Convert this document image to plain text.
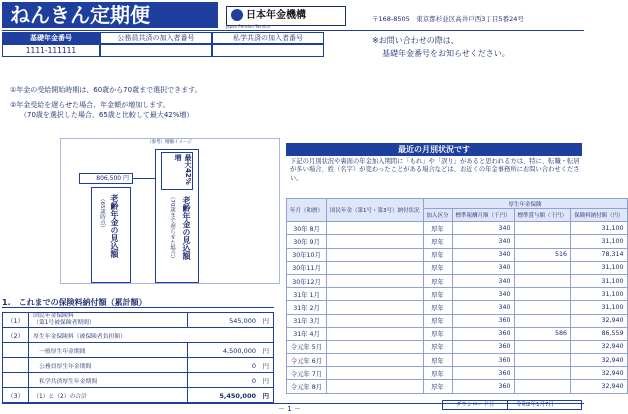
ねんきん定期便	日本年金機構
Japan Pension Service
〒168-8505　東京都杉並区高井戸西3丁目5番24号
基礎年金番号
1111-111111
公務員共済の加入者番号	私学共済の加入者番号	※お問い合わせの際は、
基礎年金番号をお知らせください。
①年金の受給開始時期は、60歳から70歳まで選択できます。
②年金受給を遅らせた場合、年金額が増加します。
（70歳を選択した場合、65歳と比較して最大42%増）
（参考）増額イメージ
806,500 円
老齢年金の見込額
（65歳時点）
最大42%増
老齢年金の見込額
（70歳まで遅らせた場合）
1.　これまでの保険料納付額（累計額）
（1）	国民年金保険料
（第1号被保険者期間）	545,000　 円
（2）	厚生年金保険料（被保険者負担額）	
	一般厚生年金期間	4,500,000　 円
	公務員厚生年金期間	0　 円
	私学共済厚生年金期間	0　 円
（3）	（1）と（2）の合計	5,450,000　 円
最近の月別状況です
下記の月別状況や裏面の年金加入期間に「もれ」や「誤り」があると思われる方は、特に、転職・転居が多い場合、姓（名字）が変わったことがある場合などは、お近くの年金事務所にお問い合わせください。
年月（和暦）	国民年金（第1号・第3号）納付状況	厚生年金保険			
		加入区分	標準報酬月額（千円）	標準賞与額（千円）	保険料納付額（円）
30年 8月		厚年	340		31,100
30年 9月		厚年	340		31,100
30年10月		厚年	340	516	78,314
30年11月		厚年	340		31,100
30年12月		厚年	340		31,100
31年 1月		厚年	340		31,100
31年 2月		厚年	340		31,100
31年 3月		厚年	360		32,940
31年 4月		厚年	360	586	86,559
令元年 5月		厚年	360		32,940
令元年 6月		厚年	360		32,940
令元年 7月		厚年	360		32,940
令元年 8月		厚年	360		32,940
－ 1 －	ダウンロード日	令和2年1月7日
